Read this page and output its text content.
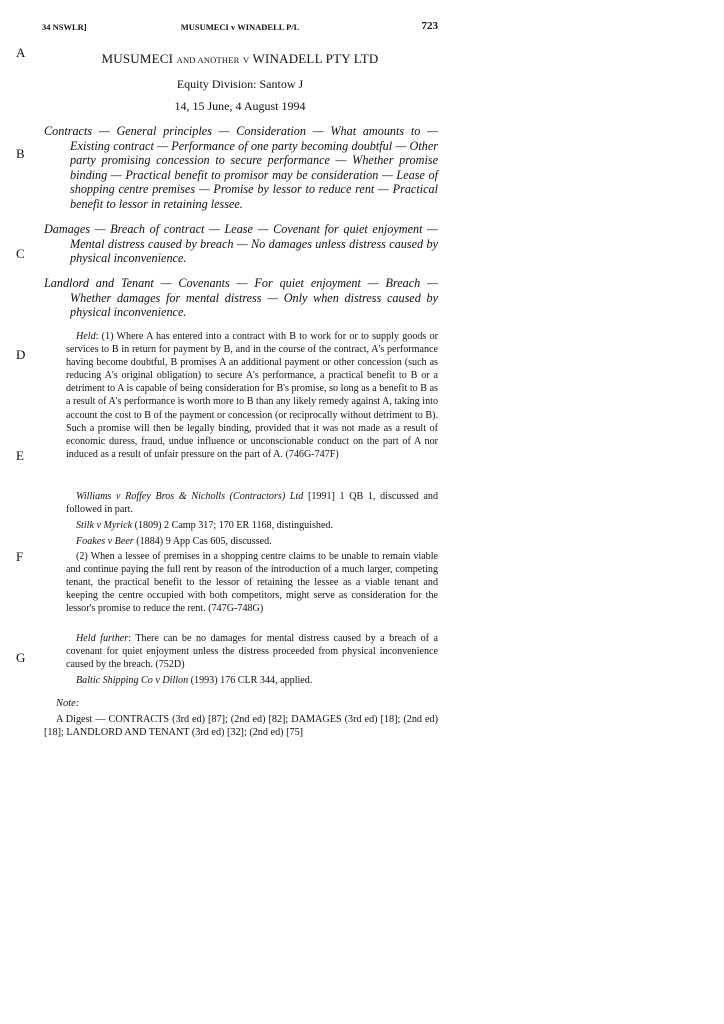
34 NSWLR]	MUSUMECI v WINADELL P/L	723
A
B
C
D
E
F
G
MUSUMECI AND ANOTHER V WINADELL PTY LTD
Equity Division: Santow J
14, 15 June, 4 August 1994
Contracts — General principles — Consideration — What amounts to — Existing contract — Performance of one party becoming doubtful — Other party promising concession to secure performance — Whether promise binding — Practical benefit to promisor may be consideration — Lease of shopping centre premises — Promise by lessor to reduce rent — Practical benefit to lessor in retaining lessee.
Damages — Breach of contract — Lease — Covenant for quiet enjoyment — Mental distress caused by breach — No damages unless distress caused by physical inconvenience.
Landlord and Tenant — Covenants — For quiet enjoyment — Breach — Whether damages for mental distress — Only when distress caused by physical inconvenience.

Held: (1) Where A has entered into a contract with B to work for or to supply goods or services to B in return for payment by B, and in the course of the contract, A's performance having become doubtful, B promises A an additional payment or other concession (such as reducing A's original obligation) to secure A's performance, a practical benefit to B or a detriment to A is capable of being consideration for B's promise, so long as a benefit to B as a result of A's performance is worth more to B than any likely remedy against A, taking into account the cost to B of the payment or concession (or reciprocally without detriment to B). Such a promise will then be legally binding, provided that it was not made as a result of economic duress, fraud, undue influence or unconscionable conduct on the part of A nor induced as a result of unfair pressure on the part of A. (746G-747F)

Williams v Roffey Bros & Nicholls (Contractors) Ltd [1991] 1 QB 1, discussed and followed in part.

Stilk v Myrick (1809) 2 Camp 317; 170 ER 1168, distinguished.

Foakes v Beer (1884) 9 App Cas 605, discussed.

(2) When a lessee of premises in a shopping centre claims to be unable to remain viable and continue paying the full rent by reason of the introduction of a much larger, competing tenant, the practical benefit to the lessor of retaining the lessee as a viable tenant and keeping the centre occupied with both competitors, might serve as consideration for the lessor's promise to reduce the rent. (747G-748G)

Held further: There can be no damages for mental distress caused by a breach of a covenant for quiet enjoyment unless the distress proceeded from physical inconvenience caused by the breach. (752D)

Baltic Shipping Co v Dillon (1993) 176 CLR 344, applied.

Note:
A Digest — CONTRACTS (3rd ed) [87]; (2nd ed) [82]; DAMAGES (3rd ed) [18]; (2nd ed) [18]; LANDLORD AND TENANT (3rd ed) [32]; (2nd ed) [75]
